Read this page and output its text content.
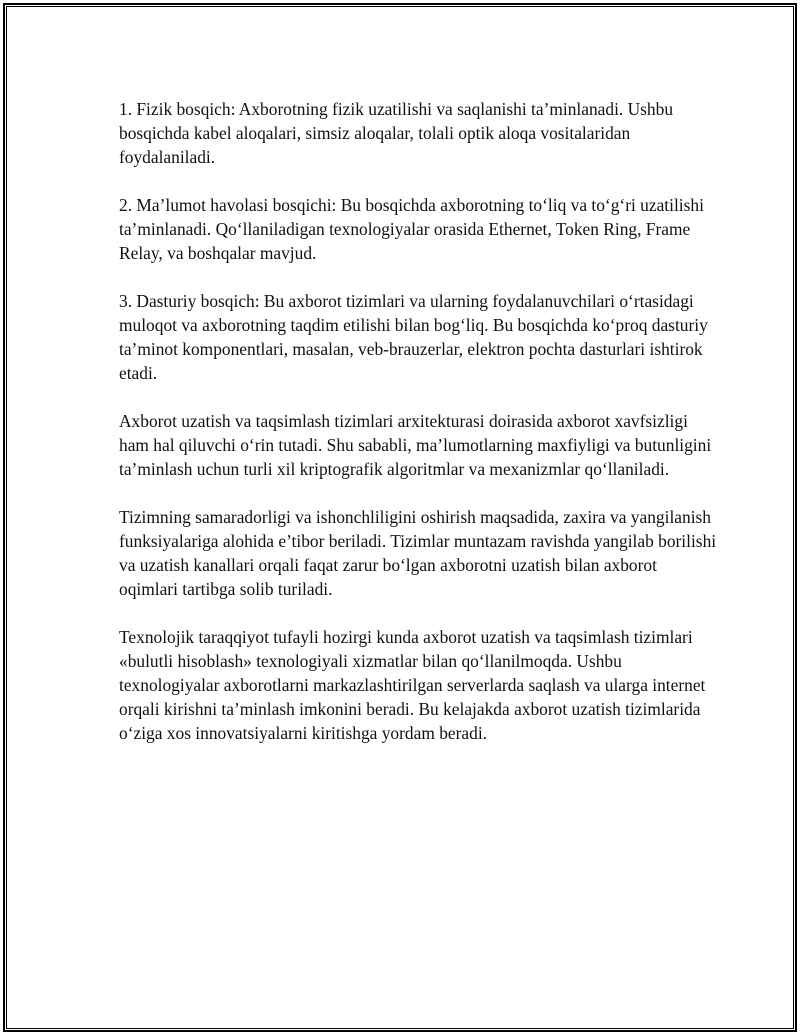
1. Fizik bosqich: Axborotning fizik uzatilishi va saqlanishi ta’minlanadi. Ushbu bosqichda kabel aloqalari, simsiz aloqalar, tolali optik aloqa vositalaridan foydalaniladi.

2. Ma’lumot havolasi bosqichi: Bu bosqichda axborotning to‘liq va to‘g‘ri uzatilishi ta’minlanadi. Qo‘llaniladigan texnologiyalar orasida Ethernet, Token Ring, Frame Relay, va boshqalar mavjud.

3. Dasturiy bosqich: Bu axborot tizimlari va ularning foydalanuvchilari o‘rtasidagi muloqot va axborotning taqdim etilishi bilan bog‘liq. Bu bosqichda ko‘proq dasturiy ta’minot komponentlari, masalan, veb-brauzerlar, elektron pochta dasturlari ishtirok etadi.

Axborot uzatish va taqsimlash tizimlari arxitekturasi doirasida axborot xavfsizligi ham hal qiluvchi o‘rin tutadi. Shu sababli, ma’lumotlarning maxfiyligi va butunligini ta’minlash uchun turli xil kriptografik algoritmlar va mexanizmlar qo‘llaniladi.

Tizimning samaradorligi va ishonchliligini oshirish maqsadida, zaxira va yangilanish funksiyalariga alohida e’tibor beriladi. Tizimlar muntazam ravishda yangilab borilishi va uzatish kanallari orqali faqat zarur bo‘lgan axborotni uzatish bilan axborot oqimlari tartibga solib turiladi.

Texnolojik taraqqiyot tufayli hozirgi kunda axborot uzatish va taqsimlash tizimlari «bulutli hisoblash» texnologiyali xizmatlar bilan qo‘llanilmoqda. Ushbu texnologiyalar axborotlarni markazlashtirilgan serverlarda saqlash va ularga internet orqali kirishni ta’minlash imkonini beradi. Bu kelajakda axborot uzatish tizimlarida o‘ziga xos innovatsiyalarni kiritishga yordam beradi.
